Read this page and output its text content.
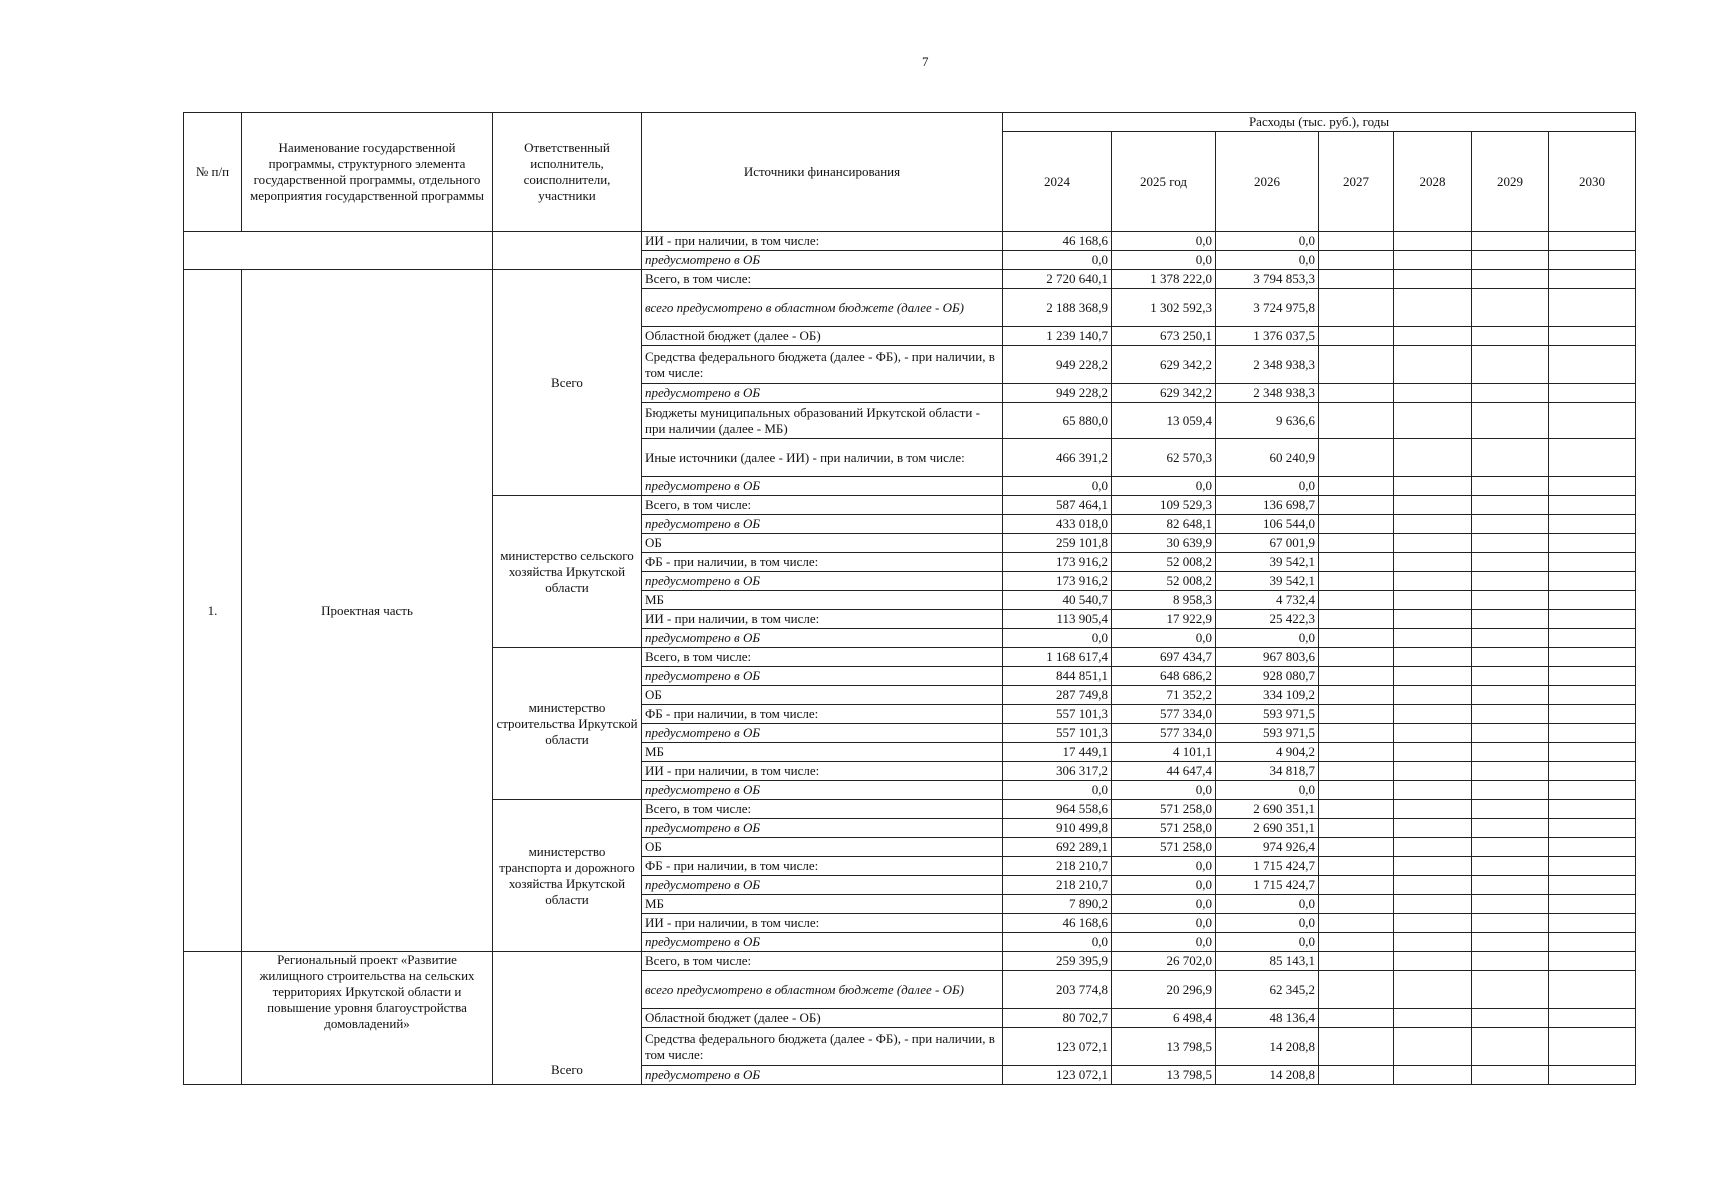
7
№ п/п	Наименование государственной программы, структурного элемента государственной программы, отдельного мероприятия государственной программы	Ответственный исполнитель, соисполнители, участники	Источники финансирования	Расходы (тыс. руб.), годы						
				2024	2025 год	2026	2027	2028	2029	2030
			ИИ - при наличии, в том числе:	46 168,6	0,0	0,0				
			предусмотрено в ОБ	0,0	0,0	0,0				
1.	Проектная часть	Всего	Всего, в том числе:	2 720 640,1	1 378 222,0	3 794 853,3				
			всего предусмотрено в областном бюджете (далее - ОБ)	2 188 368,9	1 302 592,3	3 724 975,8				
			Областной бюджет (далее - ОБ)	1 239 140,7	673 250,1	1 376 037,5				
			Средства федерального бюджета (далее - ФБ), - при наличии, в том числе:	949 228,2	629 342,2	2 348 938,3				
			предусмотрено в ОБ	949 228,2	629 342,2	2 348 938,3				
			Бюджеты муниципальных образований Иркутской области - при наличии (далее - МБ)	65 880,0	13 059,4	9 636,6				
			Иные источники (далее - ИИ) - при наличии, в том числе:	466 391,2	62 570,3	60 240,9				
			предусмотрено в ОБ	0,0	0,0	0,0				
		министерство сельского хозяйства Иркутской области	Всего, в том числе:	587 464,1	109 529,3	136 698,7				
			предусмотрено в ОБ	433 018,0	82 648,1	106 544,0				
			ОБ	259 101,8	30 639,9	67 001,9				
			ФБ - при наличии, в том числе:	173 916,2	52 008,2	39 542,1				
			предусмотрено в ОБ	173 916,2	52 008,2	39 542,1				
			МБ	40 540,7	8 958,3	4 732,4				
			ИИ - при наличии, в том числе:	113 905,4	17 922,9	25 422,3				
			предусмотрено в ОБ	0,0	0,0	0,0				
		министерство строительства Иркутской области	Всего, в том числе:	1 168 617,4	697 434,7	967 803,6				
			предусмотрено в ОБ	844 851,1	648 686,2	928 080,7				
			ОБ	287 749,8	71 352,2	334 109,2				
			ФБ - при наличии, в том числе:	557 101,3	577 334,0	593 971,5				
			предусмотрено в ОБ	557 101,3	577 334,0	593 971,5				
			МБ	17 449,1	4 101,1	4 904,2				
			ИИ - при наличии, в том числе:	306 317,2	44 647,4	34 818,7				
			предусмотрено в ОБ	0,0	0,0	0,0				
		министерство транспорта и дорожного хозяйства Иркутской области	Всего, в том числе:	964 558,6	571 258,0	2 690 351,1				
			предусмотрено в ОБ	910 499,8	571 258,0	2 690 351,1				
			ОБ	692 289,1	571 258,0	974 926,4				
			ФБ - при наличии, в том числе:	218 210,7	0,0	1 715 424,7				
			предусмотрено в ОБ	218 210,7	0,0	1 715 424,7				
			МБ	7 890,2	0,0	0,0				
			ИИ - при наличии, в том числе:	46 168,6	0,0	0,0				
			предусмотрено в ОБ	0,0	0,0	0,0				
	Региональный проект «Развитие жилищного строительства на сельских территориях Иркутской области и повышение уровня благоустройства домовладений»	Всего	Всего, в том числе:	259 395,9	26 702,0	85 143,1				
			всего предусмотрено в областном бюджете (далее - ОБ)	203 774,8	20 296,9	62 345,2				
			Областной бюджет (далее - ОБ)	80 702,7	6 498,4	48 136,4				
			Средства федерального бюджета (далее - ФБ), - при наличии, в том числе:	123 072,1	13 798,5	14 208,8				
			предусмотрено в ОБ	123 072,1	13 798,5	14 208,8				
